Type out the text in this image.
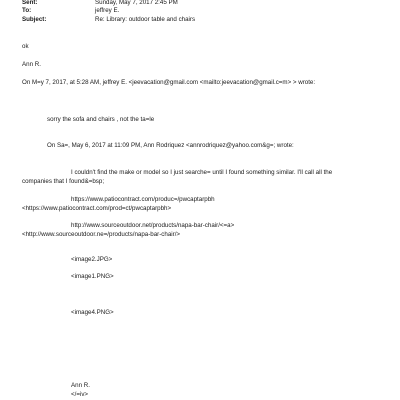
Sent:	Sunday, May 7, 2017 2:45 PM
To:	jeffrey E.
Subject:	Re: Library: outdoor table and chairs
ok
Ann R.
On M=y 7, 2017, at 5:28 AM, jeffrey E. <jeevacation@gmail.com <mailto:jeevacation@gmail.c=m> > wrote:
sorry the sofa and chairs , not the ta=le
On Sa=, May 6, 2017 at 11:09 PM, Ann Rodriquez <annrodriquez@yahoo.com&g=; wrote:
I couldn't find the make or model so I just searche= until I found something similar. I'll call all the
companies that I found&=bsp;
https://www.patiocontract.com/produc=/pwcaptarpbh
<https://www.patiocontract.com/prod=ct/pwcaptarpbh>
http://www.sourceoutdoor.net/products/napa-bar-chair/<=a>
<http://www.sourceoutdoor.ne=/products/napa-bar-chair/>
<image2.JPG>
<image1.PNG>
<image4.PNG>
Ann R.
</=iv>
